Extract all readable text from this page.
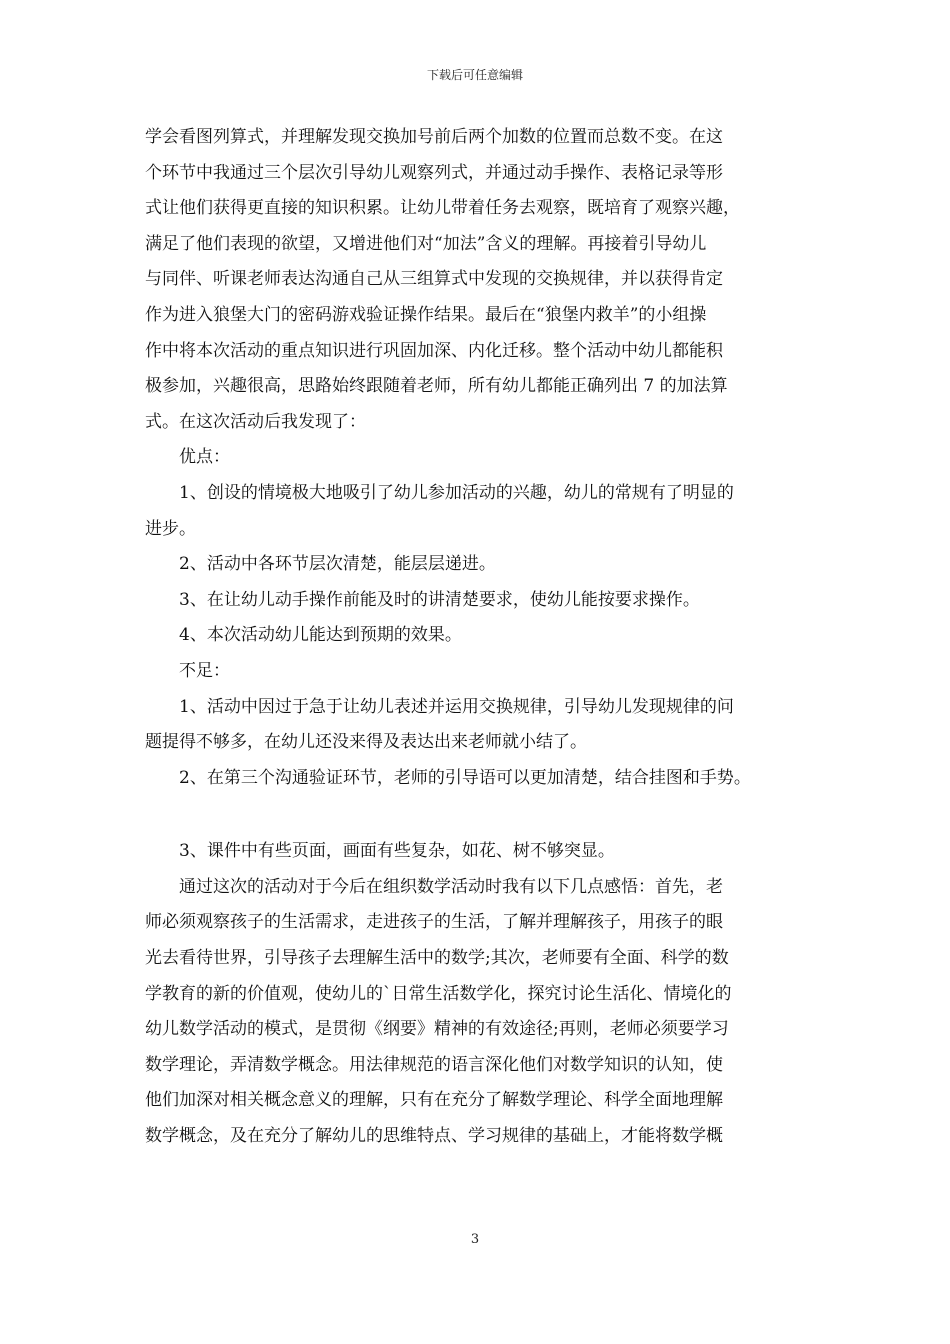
下载后可任意编辑

学会看图列算式，并理解发现交换加号前后两个加数的位置而总数不变。在这
个环节中我通过三个层次引导幼儿观察列式，并通过动手操作、表格记录等形
式让他们获得更直接的知识积累。让幼儿带着任务去观察，既培育了观察兴趣，
满足了他们表现的欲望，又增进他们对“加法”含义的理解。再接着引导幼儿
与同伴、听课老师表达沟通自己从三组算式中发现的交换规律，并以获得肯定
作为进入狼堡大门的密码游戏验证操作结果。最后在“狼堡内救羊”的小组操
作中将本次活动的重点知识进行巩固加深、内化迁移。整个活动中幼儿都能积
极参加，兴趣很高，思路始终跟随着老师，所有幼儿都能正确列出 7 的加法算
式。在这次活动后我发现了：

优点：
1、创设的情境极大地吸引了幼儿参加活动的兴趣，幼儿的常规有了明显的
进步。
2、活动中各环节层次清楚，能层层递进。
3、在让幼儿动手操作前能及时的讲清楚要求，使幼儿能按要求操作。
4、本次活动幼儿能达到预期的效果。

不足：
1、活动中因过于急于让幼儿表述并运用交换规律，引导幼儿发现规律的问
题提得不够多，在幼儿还没来得及表达出来老师就小结了。
2、在第三个沟通验证环节，老师的引导语可以更加清楚，结合挂图和手势。

3、课件中有些页面，画面有些复杂，如花、树不够突显。

通过这次的活动对于今后在组织数学活动时我有以下几点感悟：首先，老
师必须观察孩子的生活需求，走进孩子的生活，了解并理解孩子，用孩子的眼
光去看待世界，引导孩子去理解生活中的数学;其次，老师要有全面、科学的数
学教育的新的价值观，使幼儿的`日常生活数学化，探究讨论生活化、情境化的
幼儿数学活动的模式，是贯彻《纲要》精神的有效途径;再则，老师必须要学习
数学理论，弄清数学概念。用法律规范的语言深化他们对数学知识的认知，使
他们加深对相关概念意义的理解，只有在充分了解数学理论、科学全面地理解
数学概念，及在充分了解幼儿的思维特点、学习规律的基础上，才能将数学概

3
